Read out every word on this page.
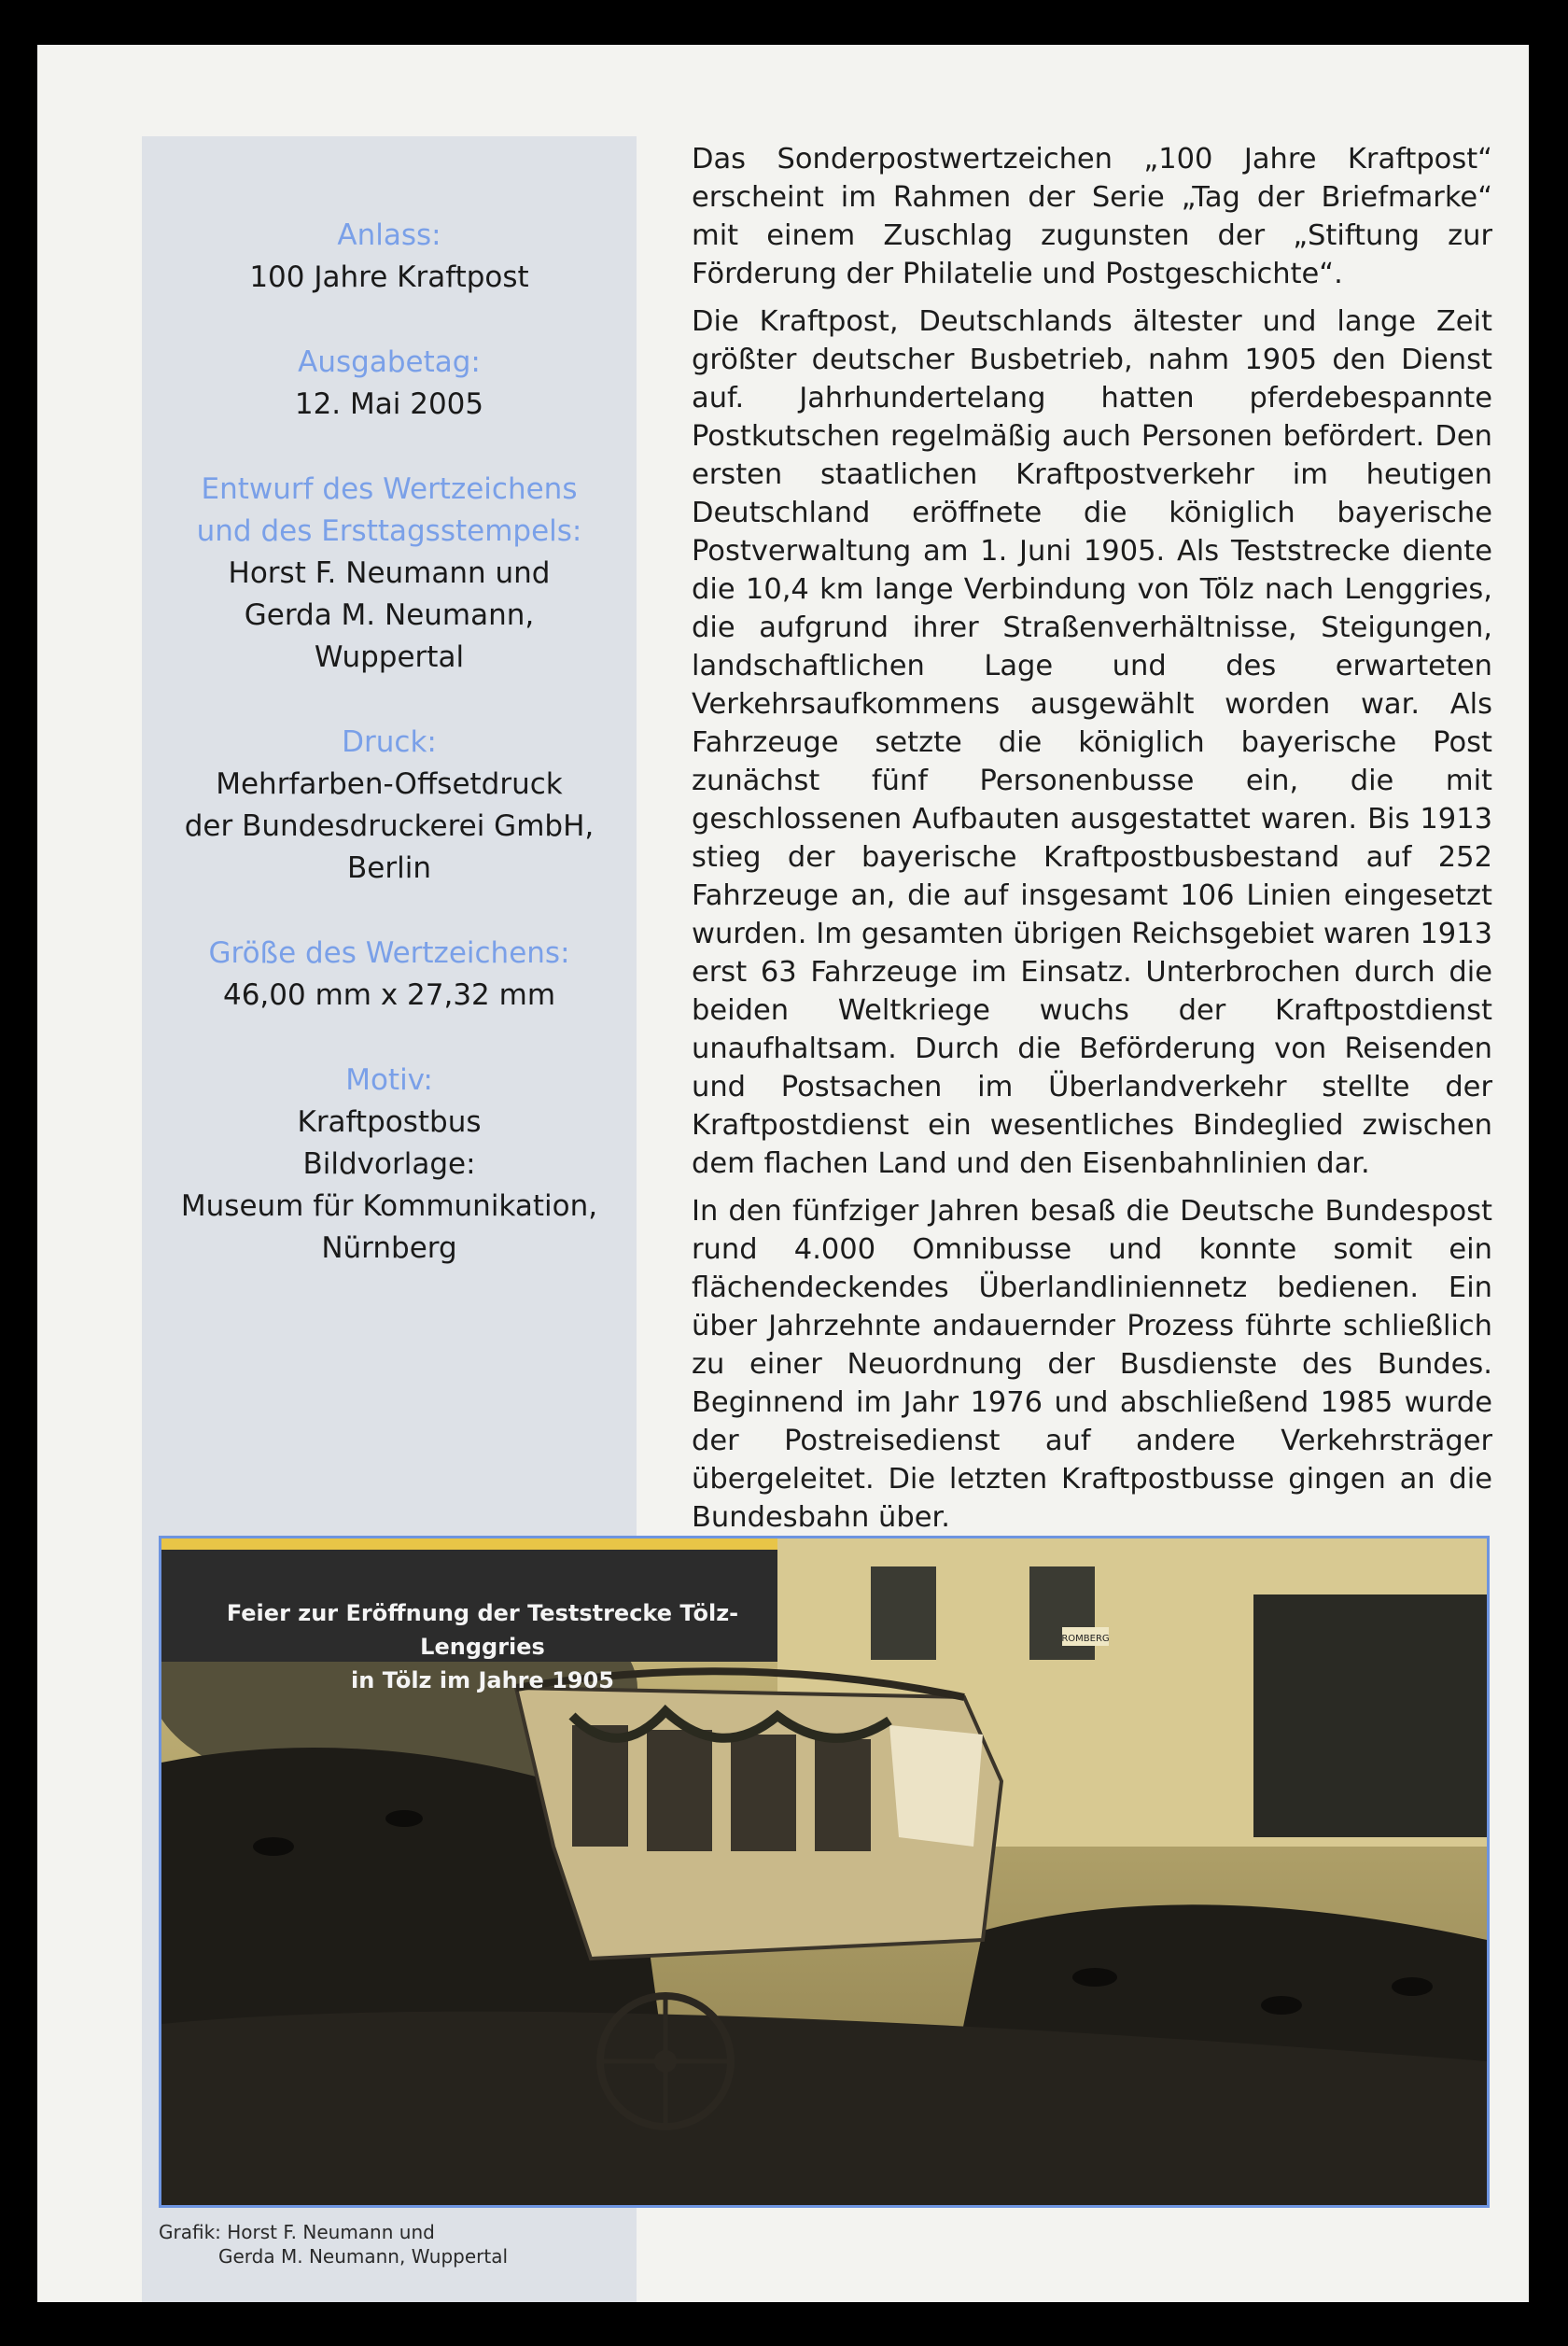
Anlass:
100 Jahre Kraftpost
Ausgabetag:
12. Mai 2005
Entwurf des Wertzeichens
und des Ersttagsstempels:
Horst F. Neumann und
Gerda M. Neumann,
Wuppertal
Druck:
Mehrfarben-Offsetdruck
der Bundesdruckerei GmbH,
Berlin
Größe des Wertzeichens:
46,00 mm x 27,32 mm
Motiv:
Kraftpostbus
Bildvorlage:
Museum für Kommunikation,
Nürnberg

Das Sonderpostwertzeichen „100 Jahre Kraftpost“ erscheint im Rahmen der Serie „Tag der Briefmarke“ mit einem Zuschlag zugunsten der „Stiftung zur Förderung der Philatelie und Postgeschichte“.

Die Kraftpost, Deutschlands ältester und lange Zeit größter deutscher Busbetrieb, nahm 1905 den Dienst auf. Jahrhundertelang hatten pferdebespannte Postkutschen regelmäßig auch Personen befördert. Den ersten staatlichen Kraftpostverkehr im heutigen Deutschland eröffnete die königlich bayerische Postverwaltung am 1. Juni 1905. Als Teststrecke diente die 10,4 km lange Verbindung von Tölz nach Lenggries, die aufgrund ihrer Straßenverhältnisse, Steigungen, landschaftlichen Lage und des erwarteten Verkehrsaufkommens ausgewählt worden war. Als Fahrzeuge setzte die königlich bayerische Post zunächst fünf Personenbusse ein, die mit geschlossenen Aufbauten ausgestattet waren. Bis 1913 stieg der bayerische Kraftpostbusbestand auf 252 Fahrzeuge an, die auf insgesamt 106 Linien eingesetzt wurden. Im gesamten übrigen Reichsgebiet waren 1913 erst 63 Fahrzeuge im Einsatz. Unterbrochen durch die beiden Weltkriege wuchs der Kraftpostdienst unaufhaltsam. Durch die Beförderung von Reisenden und Postsachen im Überlandverkehr stellte der Kraftpostdienst ein wesentliches Bindeglied zwischen dem flachen Land und den Eisenbahnlinien dar.

In den fünfziger Jahren besaß die Deutsche Bundespost rund 4.000 Omnibusse und konnte somit ein flächendeckendes Überlandliniennetz bedienen. Ein über Jahrzehnte andauernder Prozess führte schließlich zu einer Neuordnung der Busdienste des Bundes. Beginnend im Jahr 1976 und abschließend 1985 wurde der Postreisedienst auf andere Verkehrsträger übergeleitet. Die letzten Kraftpostbusse gingen an die Bundesbahn über.

ROMBERG
Feier zur Eröffnung der Teststrecke Tölz-Lenggries
in Tölz im Jahre 1905
Grafik: Horst F. Neumann und
Gerda M. Neumann, Wuppertal
